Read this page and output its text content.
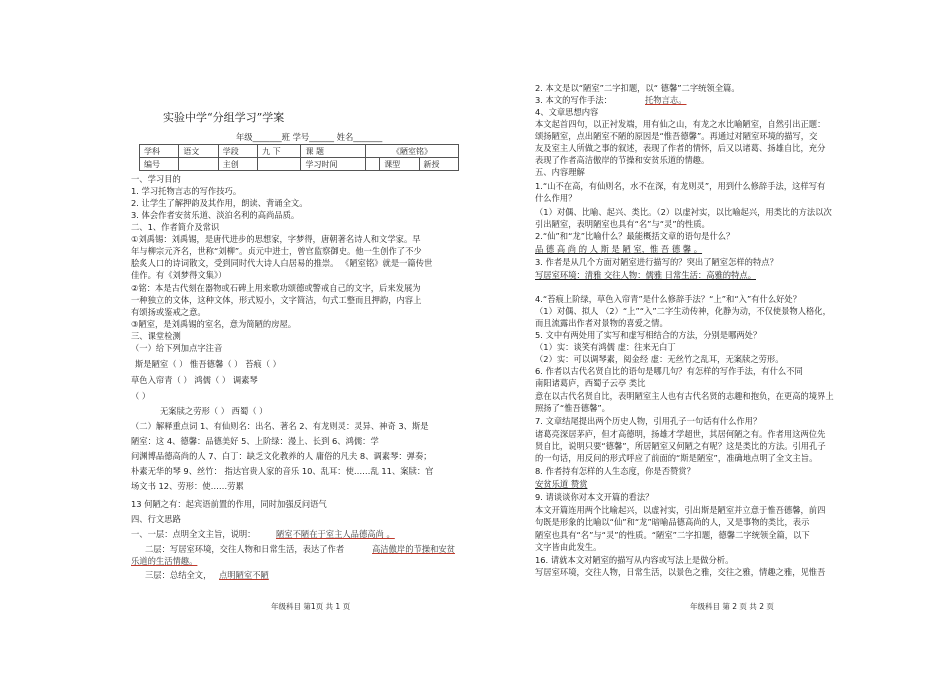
实验中学“分组学习”学案
年级_______班 学号______ 姓名_______
学科	语文	学段	九 下	课 题	《陋室铭》		
编号		主创		学习时间		课型	新授
一、学习目的
1. 学习托物言志的写作技巧。
2. 让学生了解押韵及其作用，朗读、背诵全文。
3. 体会作者安贫乐道、淡泊名利的高尚品质。
二、1、作者简介及常识
①刘禹锡：刘禹锡，是唐代进步的思想家，字梦得，唐朝著名诗人和文学家。早
年与柳宗元齐名，世称“刘柳”。贞元中进士，曾官监察御史。他一生创作了不少
脍炙人口的诗词散文，受到同时代大诗人白居易的推崇。 《陋室铭》就是一篇传世
佳作。有《刘梦得文集》）
②铭：本是古代刻在器物或石碑上用来歌功颂德或警戒自己的文字，后来发展为
一种独立的文体，这种文体，形式短小，文字简洁，句式工整而且押韵，内容上
有颂扬或鉴戒之意。
③陋室，是刘禹锡的室名，意为简陋的房屋。
三、课堂检测
（一）给下列加点字注音
斯是陋室（ ） 惟吾德馨（ ） 苔痕（ ）
草色入帘青（ ） 鸿儒（ ） 调素琴
（ ）
无案牍之劳形（ ） 西蜀（ ）
（二）解释重点词 1、有仙则名：出名、著名 2、有龙则灵：灵异、神奇 3、斯是
陋室：这 4、德馨：品德美好 5、上阶绿：漫上、长到 6、鸿儒：学
问渊博品德高尚的人 7、白丁：缺乏文化教养的人 庸俗的凡夫 8、调素琴：弹奏；
朴素无华的琴 9、丝竹： 指达官贵人家的音乐 10、乱耳：使……乱 11、案牍：官
场文书 12、劳形：使……劳累
13 何陋之有：起宾语前置的作用，同时加强反问语气
四、行文思路
一、一层：点明全文主旨，说明： 陋室不陋在于室主人品德高尚 。
二层：写居室环境，交往人物和日常生活，表达了作者	高洁傲岸的节操和安贫
乐道的生活情趣。
三层：总结全文， 点明陋室不陋
年级科目 第1页 共 1 页
2. 本文是以“陋室”二字扣题，以“ 德馨”二字统领全篇。
3. 本文的写作手法：	托物言志。
4、文章思想内容
本文起首四句，以正衬发端，用有仙之山，有龙之水比喻陋室，自然引出正题：
颂扬陋室，点出陋室不陋的原因是“惟吾德馨”。再通过对陋室环境的描写，交
友及室主人所做之事的叙述，表现了作者的情怀，后又以诸葛、扬雄自比，充分
表现了作者高洁傲岸的节操和安贫乐道的情趣。
五、内容理解
1.“山不在高，有仙则名，水不在深，有龙则灵”，用到什么修辞手法，这样写有
什么作用？
（1）对偶、比喻、起兴、类比。（2）以虚衬实，以比喻起兴，用类比的方法以次
引出陋室，表明陋室也具有“名”与“灵”的性质。
2.“仙”和“龙”比喻什么？最能概括文章的语句是什么？
品 德 高 尚 的 人 斯 是 陋 室，惟 吾 德 馨 。
3. 作者是从几个方面对陋室进行描写的？突出了陋室怎样的特点？
写居室环境：清雅 交往人物：儒雅 日常生活：高雅的特点。
4.“苔痕上阶绿，草色入帘青”是什么修辞手法？“上”和“入”有什么好处？
（1）对偶、拟人 （2）“上”“入”二字生动传神，化静为动，不仅使景物人格化，
而且流露出作者对景物的喜爱之情。
5. 文中有两处用了实写和虚写相结合的方法，分别是哪两处？
（1）实：谈笑有鸿儒 虚：往来无白丁
（2）实：可以调琴素，阅金经 虚：无丝竹之乱耳，无案牍之劳形。
6. 作者以古代名贤自比的语句是哪几句？有怎样的写作手法，有什么不同
南阳诸葛庐，西蜀子云亭 类比
意在以古代名贤自比，表明陋室主人也有古代名贤的志趣和抱负，在更高的境界上
照扬了“惟吾德馨”。
7. 文章结尾提出两个历史人物，引用孔子一句话有什么作用？
诸葛亮深居茅庐，但才高德明，扬雄才学超世，其居何陋之有。作者用这两位先
贤自比，说明只要“德馨”，所居陋室又何陋之有呢？这是类比的方法。引用孔子
的一句话，用反问的形式呼应了前面的“斯是陋室”，准确地点明了全文主旨。
8. 作者持有怎样的人生态度，你是否赞赏？
安贫乐道 赞赏
9. 请谈谈你对本文开篇的看法？
本文开篇连用两个比喻起兴，以虚衬实，引出斯是陋室并立意于惟吾德馨，前四
句既是形象的比喻以“仙”和“龙”暗喻品德高尚的人，又是事物的类比，表示
陋室也具有“名”与“灵”的性质。“陋室”二字扣题，德馨二字统领全篇，以下
文字皆由此发生。
16. 请就本文对陋室的描写从内容或写法上是做分析。
写居室环境，交往人物，日常生活，以景色之雅，交往之雅，情趣之雅，见惟吾
年级科目 第 2 页 共 2 页
